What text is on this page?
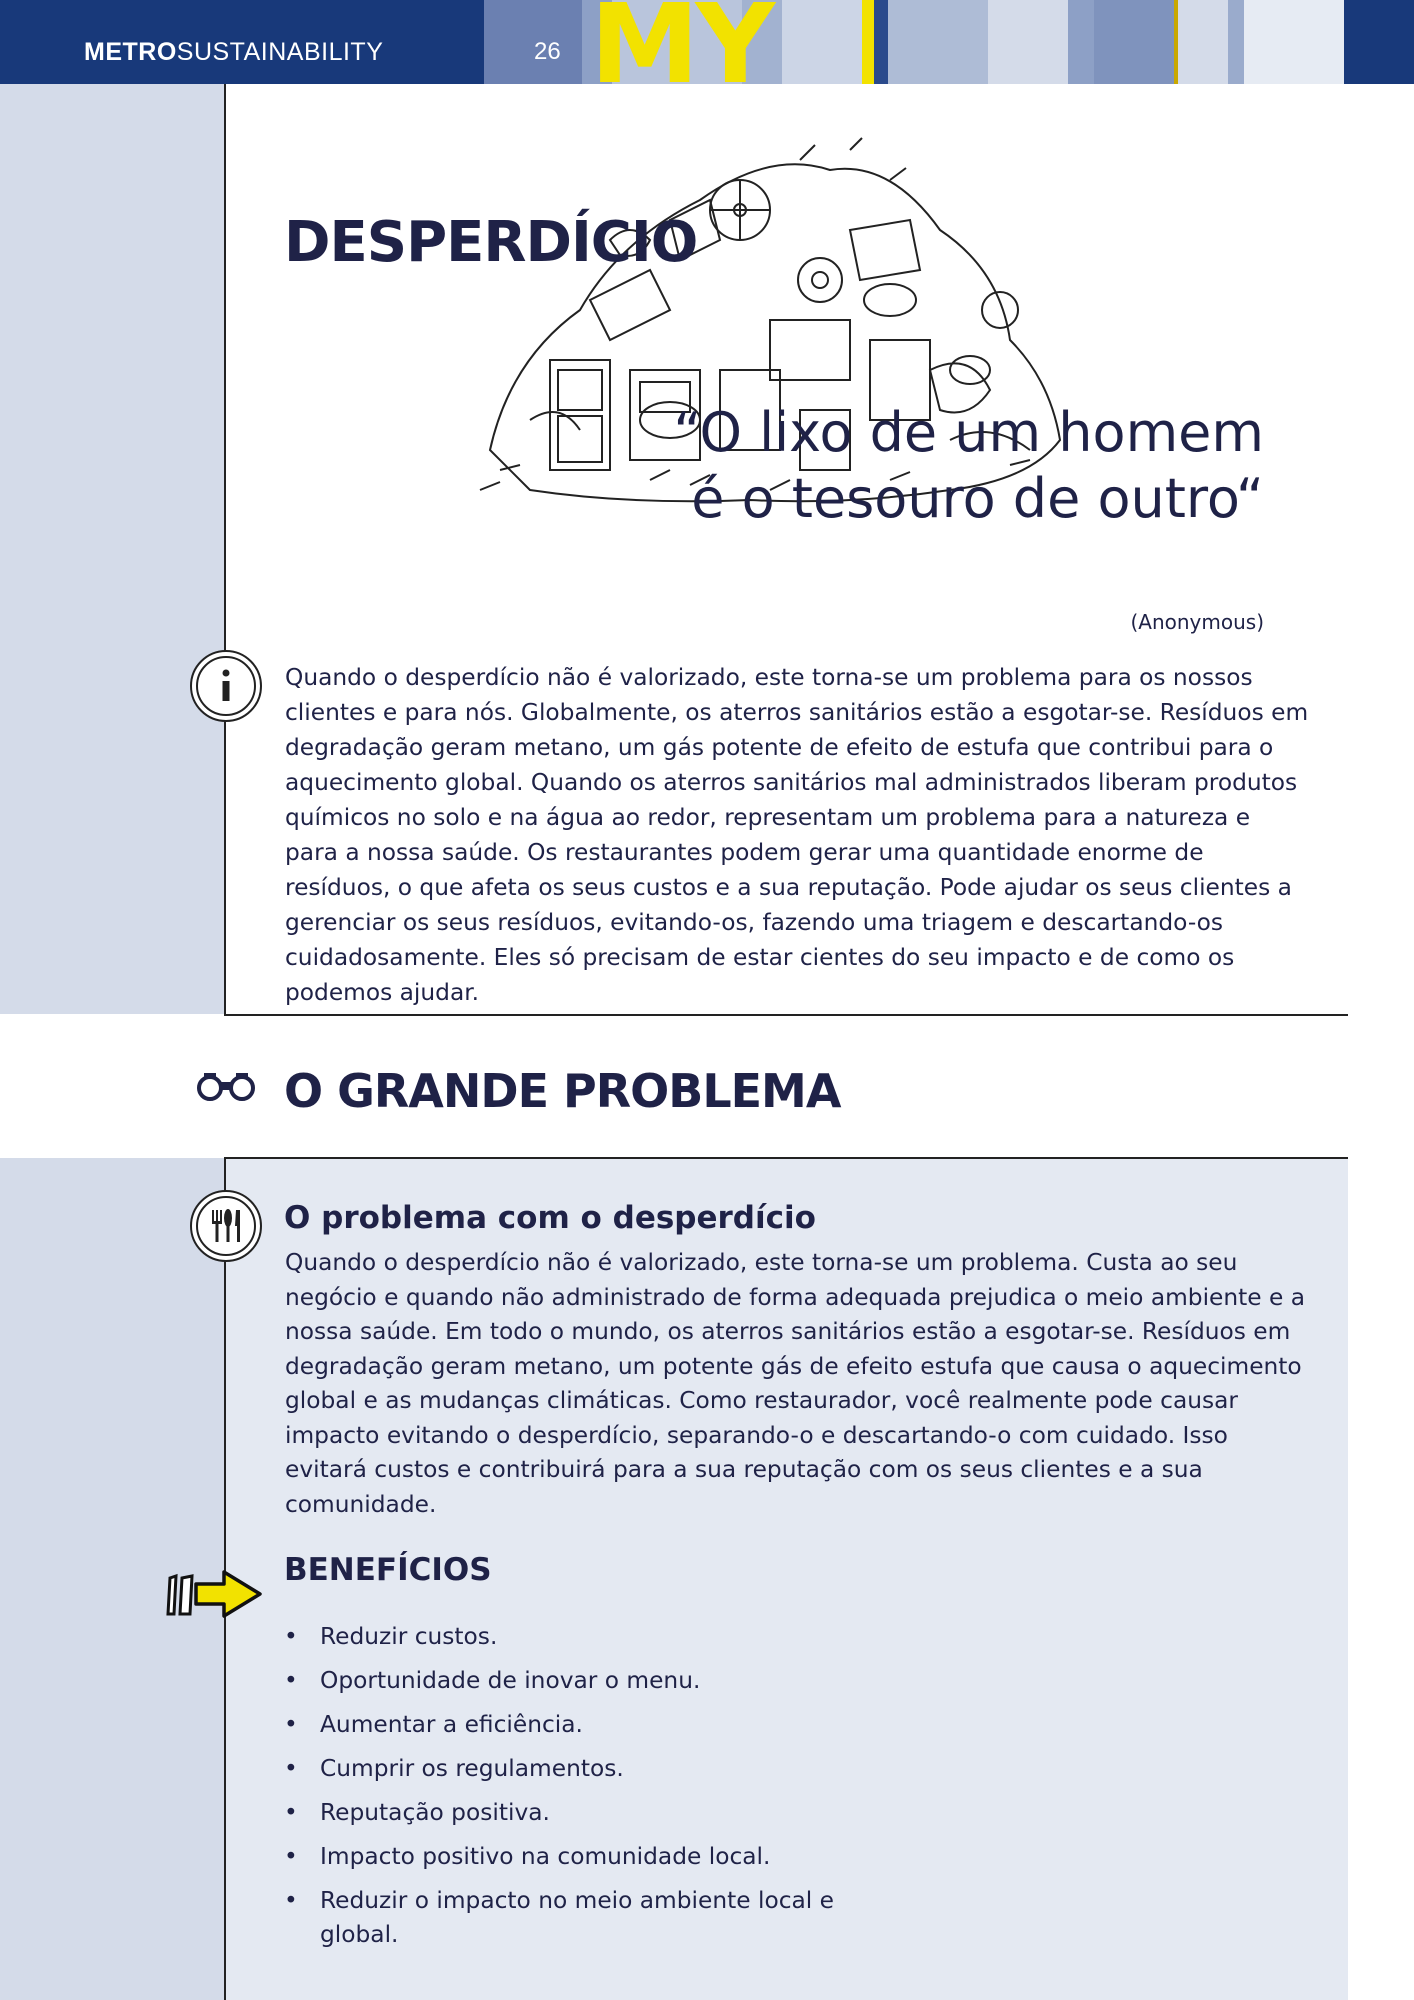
MY
METROSUSTAINABILITY	26
DESPERDÍCIO
“O lixo de um homem é o tesouro de outro“
(Anonymous)

Quando o desperdício não é valorizado, este torna-se um problema para os nossos clientes e para nós. Globalmente, os aterros sanitários estão a esgotar-se. Resíduos em degradação geram metano, um gás potente de efeito de estufa que contribui para o aquecimento global. Quando os aterros sanitários mal administrados liberam produtos químicos no solo e na água ao redor, representam um problema para a natureza e para a nossa saúde. Os restaurantes podem gerar uma quantidade enorme de resíduos, o que afeta os seus custos e a sua reputação. Pode ajudar os seus clientes a gerenciar os seus resíduos, evitando-os, fazendo uma triagem e descartando-os cuidadosamente. Eles só precisam de estar cientes do seu impacto e de como os podemos ajudar.

O GRANDE PROBLEMA
O problema com o desperdício

Quando o desperdício não é valorizado, este torna-se um problema. Custa ao seu negócio e quando não administrado de forma adequada prejudica o meio ambiente e a nossa saúde. Em todo o mundo, os aterros sanitários estão a esgotar-se. Resíduos em degradação geram metano, um potente gás de efeito estufa que causa o aquecimento global e as mudanças climáticas. Como restaurador, você realmente pode causar impacto evitando o desperdício, separando-o e descartando-o com cuidado. Isso evitará custos e contribuirá para a sua reputação com os seus clientes e a sua comunidade.

BENEFÍCIOS
• Reduzir custos.
• Oportunidade de inovar o menu.
• Aumentar a eficiência.
• Cumprir os regulamentos.
• Reputação positiva.
• Impacto positivo na comunidade local.
• Reduzir o impacto no meio ambiente local e global.
